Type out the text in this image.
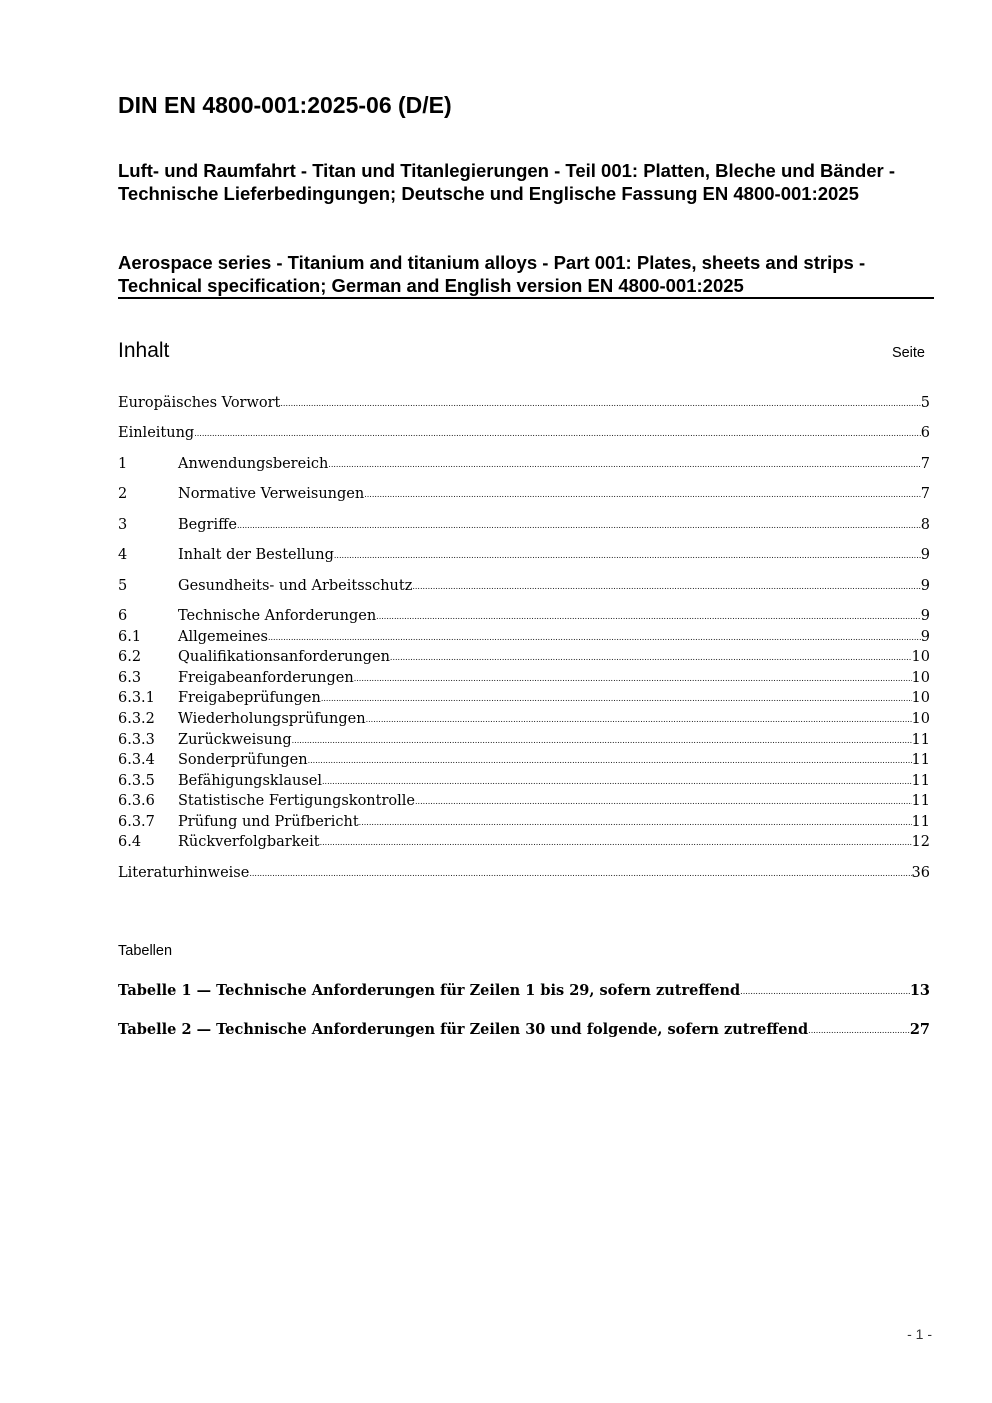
DIN EN 4800-001:2025-06 (D/E)
Luft- und Raumfahrt - Titan und Titanlegierungen - Teil 001: Platten, Bleche und Bänder - Technische Lieferbedingungen; Deutsche und Englische Fassung EN 4800-001:2025
Aerospace series - Titanium and titanium alloys - Part 001: Plates, sheets and strips - Technical specification; German and English version EN 4800-001:2025
Inhalt	Seite
Europäisches Vorwort .....	5
Einleitung .....	6
1	Anwendungsbereich .....	7
2	Normative Verweisungen .....	7
3	Begriffe .....	8
4	Inhalt der Bestellung .....	9
5	Gesundheits- und Arbeitsschutz .....	9
6	Technische Anforderungen .....	9
6.1	Allgemeines .....	9
6.2	Qualifikationsanforderungen .....	10
6.3	Freigabeanforderungen .....	10
6.3.1	Freigabeprüfungen .....	10
6.3.2	Wiederholungsprüfungen .....	10
6.3.3	Zurückweisung .....	11
6.3.4	Sonderprüfungen .....	11
6.3.5	Befähigungsklausel .....	11
6.3.6	Statistische Fertigungskontrolle .....	11
6.3.7	Prüfung und Prüfbericht .....	11
6.4	Rückverfolgbarkeit .....	12
Literaturhinweise .....	36
Tabellen
Tabelle 1 — Technische Anforderungen für Zeilen 1 bis 29, sofern zutreffend .....	13
Tabelle 2 — Technische Anforderungen für Zeilen 30 und folgende, sofern zutreffend .....	27
- 1 -
